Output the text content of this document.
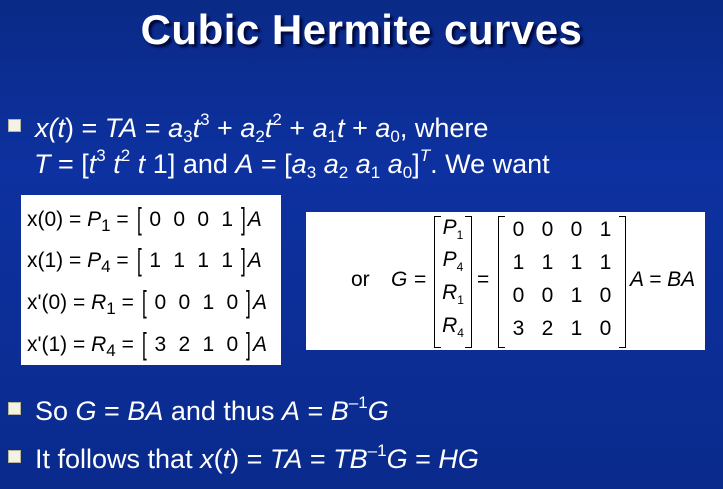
Cubic Hermite curves
x(t) = TA = $a_3t^3 + a_2t^2 + a_1t + a_0$, where
$T = [t^3$ $t^2$ t 1] and $A = [a_3$ $a_2$ $a_1$ $a_0]^T$. We want
$x(0) = P_1$ = [ 0 0 0 1 ]A
$x(1) = P_4$ = [ 1 1 1 1 ]A
$x'(0) = R_1$ = [ 0 0 1 0 ]A
$x'(1) = R_4$ = [ 3 2 1 0 ]A
or G =
$P_1$
$P_4$
$R_1$
$R_4$
=
0 0 0 1
1 1 1 1
0 0 1 0
3 2 1 0
A = BA
So G = BA and thus $A = B^{-1}G$
It follows that x(t) = TA = $TB^{-1}G$ = HG
